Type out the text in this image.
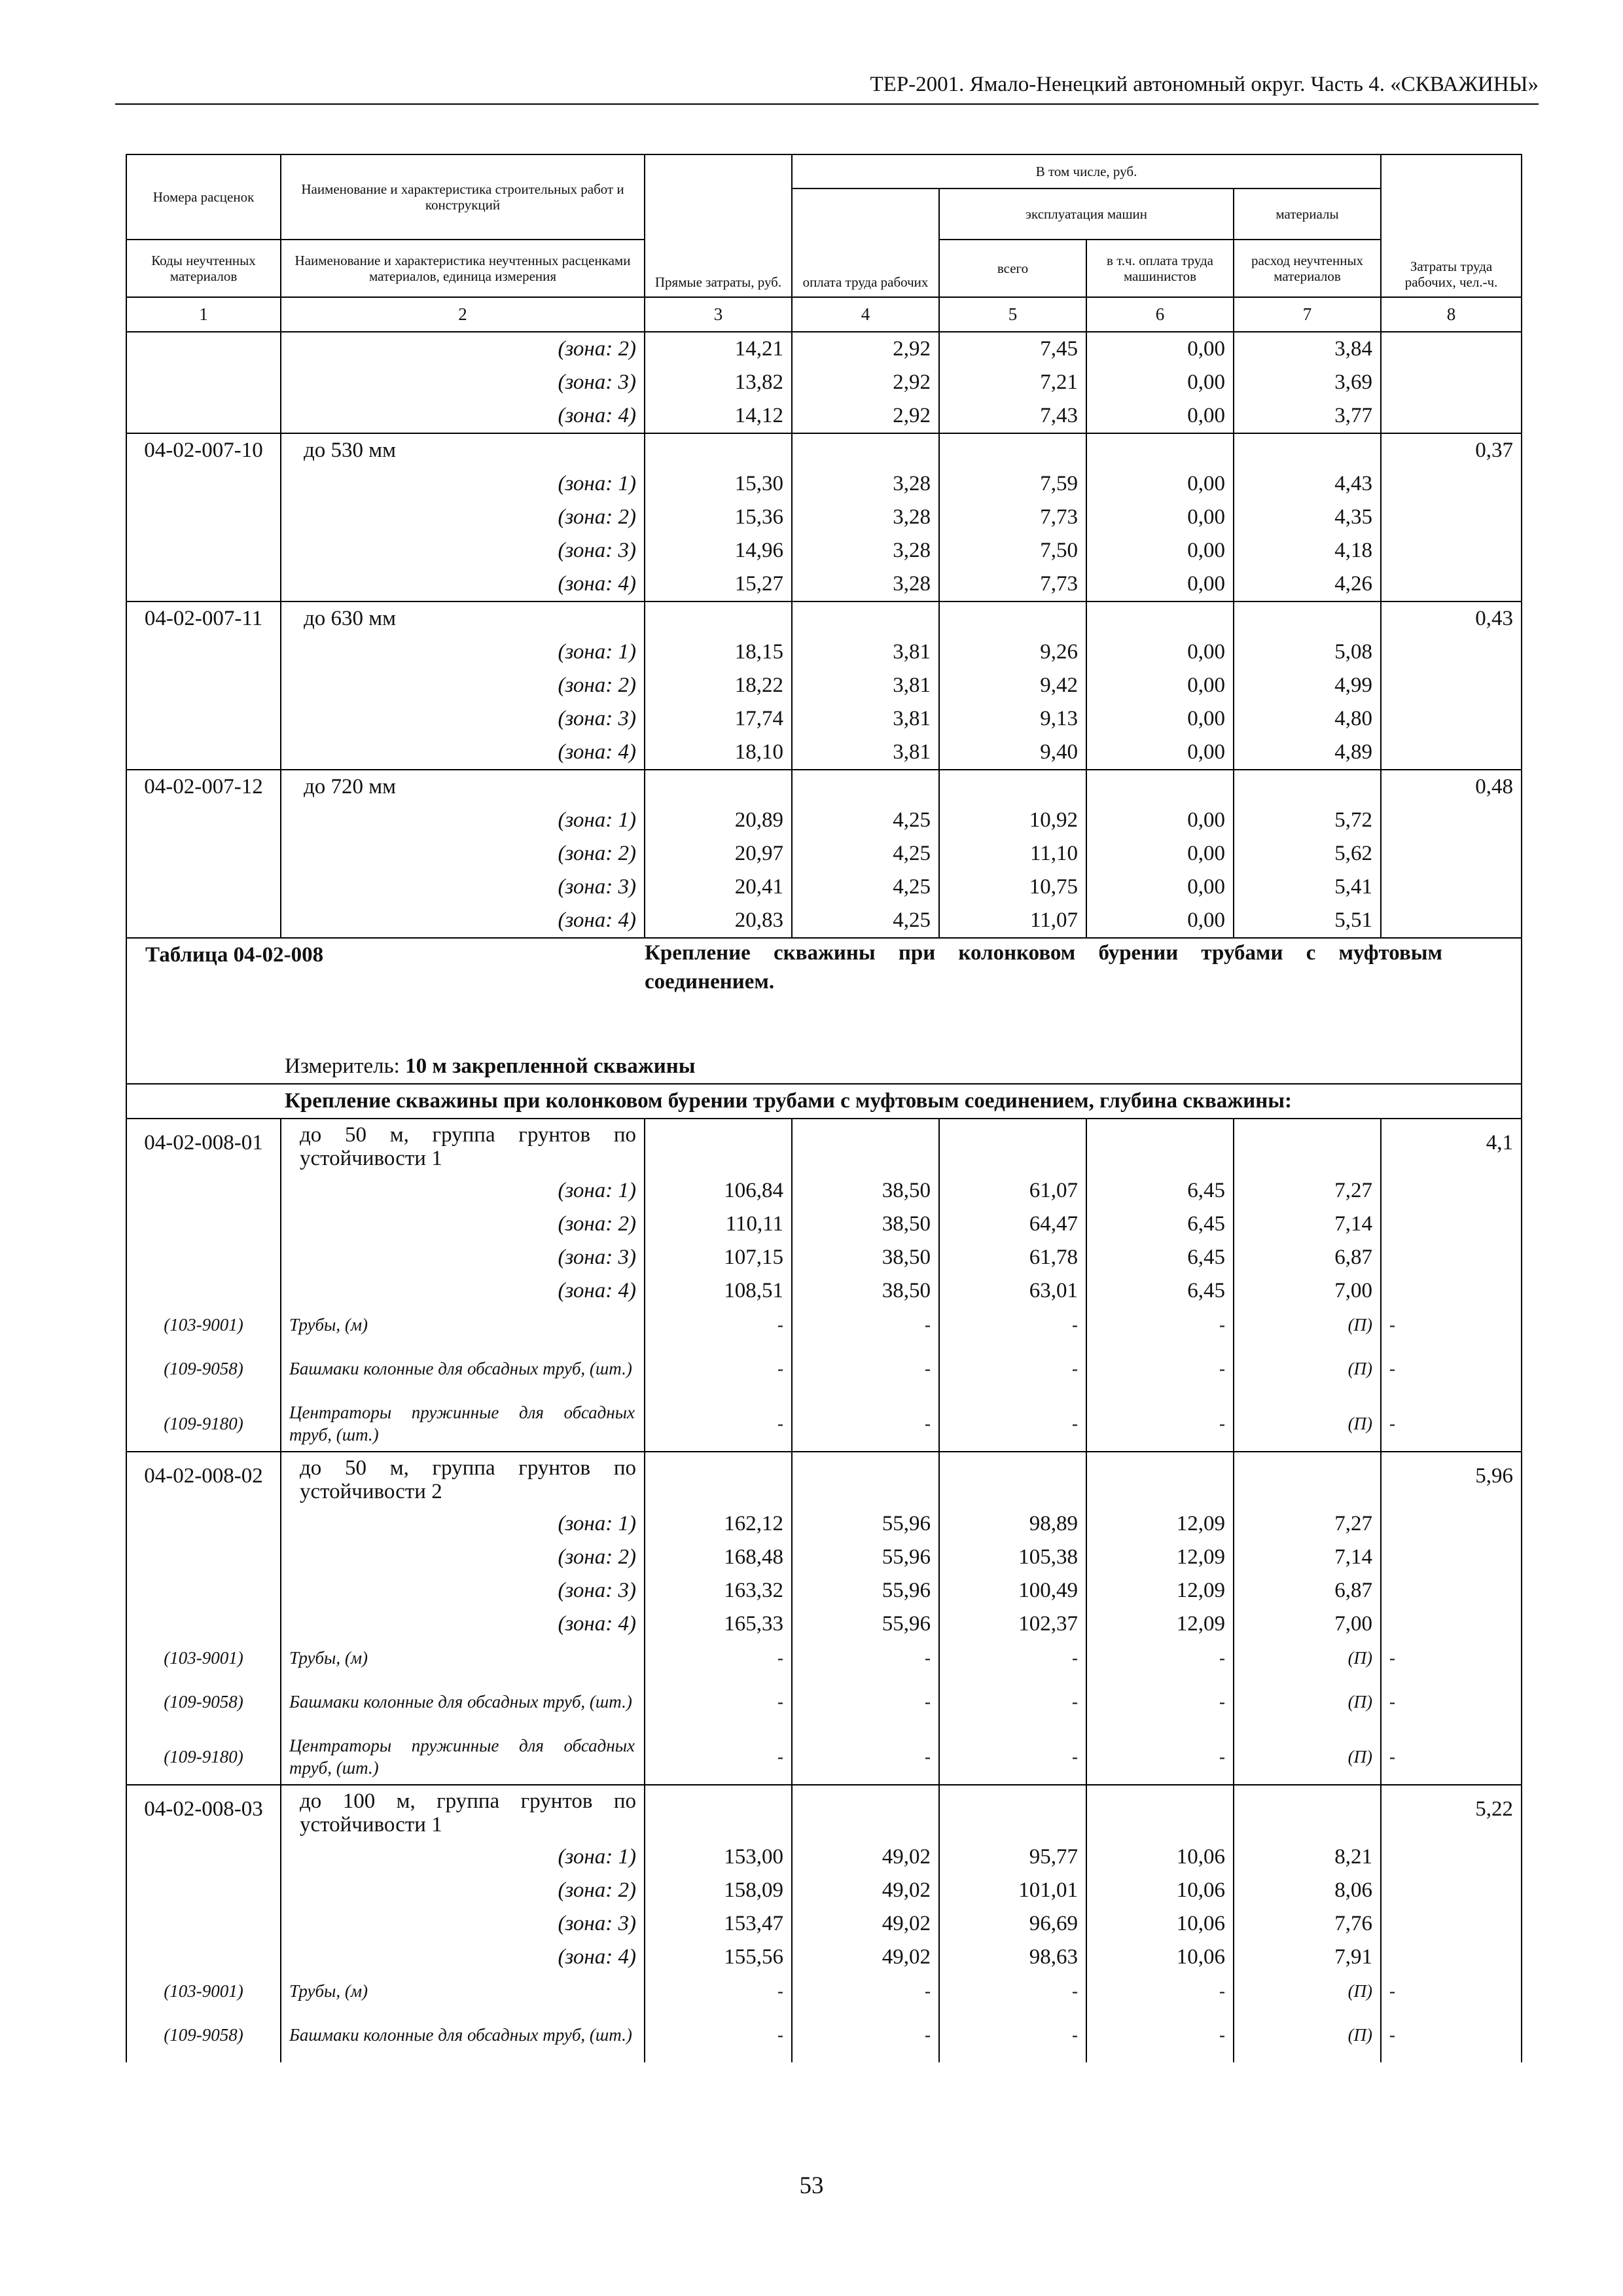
ТЕР-2001. Ямало-Ненецкий автономный округ. Часть 4. «СКВАЖИНЫ»
Номера расценок	Наименование и характеристика строительных работ и конструкций	Прямые затраты, руб.	В том числе, руб.				Затраты труда рабочих, чел.-ч.
			оплата труда рабочих	эксплуатация машин		материалы	
Коды неучтенных материалов	Наименование и характеристика неучтенных расценками материалов, единица измерения			всего	в т.ч. оплата труда машинистов	расход неучтенных материалов	
1	2	3	4	5	6	7	8
	(зона: 2)	14,21	2,92	7,45	0,00	3,84	
	(зона: 3)	13,82	2,92	7,21	0,00	3,69	
	(зона: 4)	14,12	2,92	7,43	0,00	3,77	
04-02-007-10	до 530 мм						0,37
	(зона: 1)	15,30	3,28	7,59	0,00	4,43	
	(зона: 2)	15,36	3,28	7,73	0,00	4,35	
	(зона: 3)	14,96	3,28	7,50	0,00	4,18	
	(зона: 4)	15,27	3,28	7,73	0,00	4,26	
04-02-007-11	до 630 мм						0,43
	(зона: 1)	18,15	3,81	9,26	0,00	5,08	
	(зона: 2)	18,22	3,81	9,42	0,00	4,99	
	(зона: 3)	17,74	3,81	9,13	0,00	4,80	
	(зона: 4)	18,10	3,81	9,40	0,00	4,89	
04-02-007-12	до 720 мм						0,48
	(зона: 1)	20,89	4,25	10,92	0,00	5,72	
	(зона: 2)	20,97	4,25	11,10	0,00	5,62	
	(зона: 3)	20,41	4,25	10,75	0,00	5,41	
	(зона: 4)	20,83	4,25	11,07	0,00	5,51	
Таблица 04-02-008		Крепление скважины при колонковом бурении трубами с муфтовым соединением.					
	Измеритель: 10 м закрепленной скважины						
	Крепление скважины при колонковом бурении трубами с муфтовым соединением, глубина скважины:						
04-02-008-01	до 50 м, группа грунтов по устойчивости 1						4,1
	(зона: 1)	106,84	38,50	61,07	6,45	7,27	
	(зона: 2)	110,11	38,50	64,47	6,45	7,14	
	(зона: 3)	107,15	38,50	61,78	6,45	6,87	
	(зона: 4)	108,51	38,50	63,01	6,45	7,00	
(103-9001)	Трубы, (м)	-	-	-	-	(П)	-
(109-9058)	Башмаки колонные для обсадных труб, (шт.)	-	-	-	-	(П)	-
(109-9180)	Центраторы пружинные для обсадных труб, (шт.)	-	-	-	-	(П)	-
04-02-008-02	до 50 м, группа грунтов по устойчивости 2						5,96
	(зона: 1)	162,12	55,96	98,89	12,09	7,27	
	(зона: 2)	168,48	55,96	105,38	12,09	7,14	
	(зона: 3)	163,32	55,96	100,49	12,09	6,87	
	(зона: 4)	165,33	55,96	102,37	12,09	7,00	
(103-9001)	Трубы, (м)	-	-	-	-	(П)	-
(109-9058)	Башмаки колонные для обсадных труб, (шт.)	-	-	-	-	(П)	-
(109-9180)	Центраторы пружинные для обсадных труб, (шт.)	-	-	-	-	(П)	-
04-02-008-03	до 100 м, группа грунтов по устойчивости 1						5,22
	(зона: 1)	153,00	49,02	95,77	10,06	8,21	
	(зона: 2)	158,09	49,02	101,01	10,06	8,06	
	(зона: 3)	153,47	49,02	96,69	10,06	7,76	
	(зона: 4)	155,56	49,02	98,63	10,06	7,91	
(103-9001)	Трубы, (м)	-	-	-	-	(П)	-
(109-9058)	Башмаки колонные для обсадных труб, (шт.)	-	-	-	-	(П)	-
53
